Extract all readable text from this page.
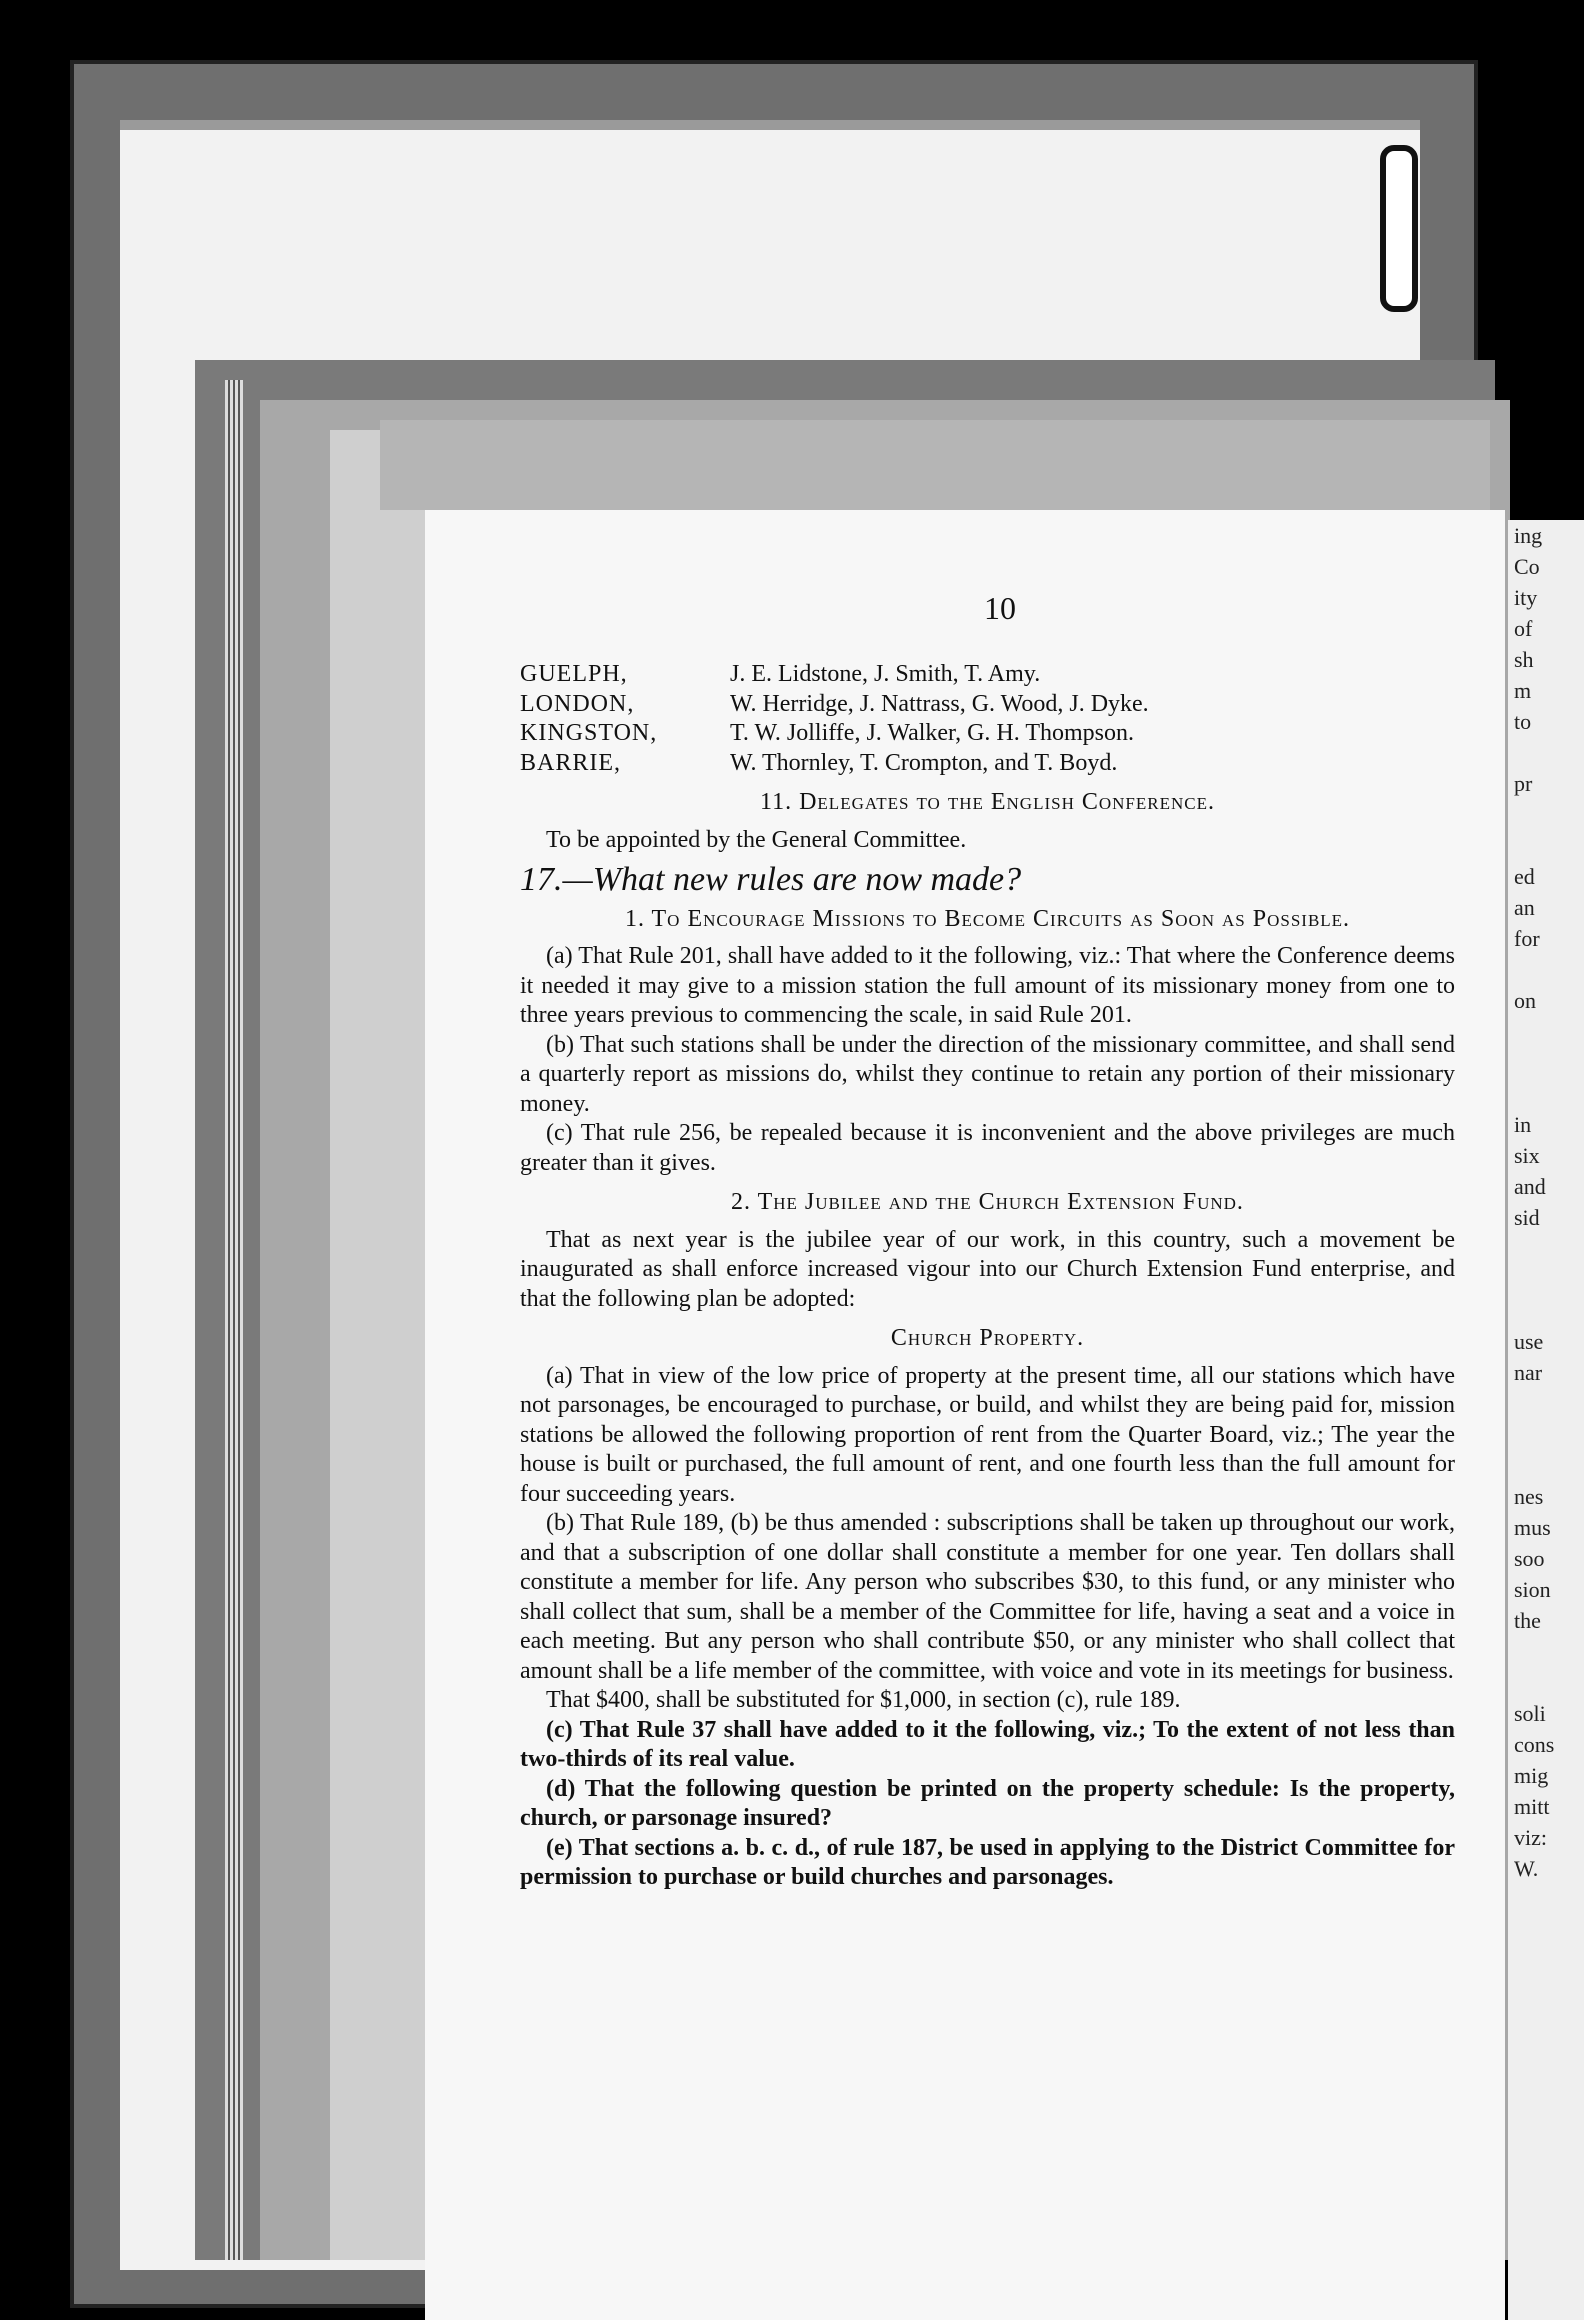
ing
Co
ity
of
sh
m
to

pr

ed
an
for

on

in
six
and
sid

use
nar

nes
mus
soo
sion
the

soli
cons
mig
mitt
viz:
W.
10
GUELPH,	J. E. Lidstone, J. Smith, T. Amy.
LONDON,	W. Herridge, J. Nattrass, G. Wood, J. Dyke.
KINGSTON,	T. W. Jolliffe, J. Walker, G. H. Thompson.
BARRIE,	W. Thornley, T. Crompton, and T. Boyd.
11. Delegates to the English Conference.

To be appointed by the General Committee.

17.—What new rules are now made?
1. To Encourage Missions to Become Circuits as Soon as Possible.

(a) That Rule 201, shall have added to it the following, viz.: That where the Conference deems it needed it may give to a mission station the full amount of its missionary money from one to three years previous to commencing the scale, in said Rule 201.

(b) That such stations shall be under the direction of the missionary committee, and shall send a quarterly report as missions do, whilst they continue to retain any portion of their missionary money.

(c) That rule 256, be repealed because it is inconvenient and the above privileges are much greater than it gives.

2. The Jubilee and the Church Extension Fund.

That as next year is the jubilee year of our work, in this country, such a movement be inaugurated as shall enforce increased vigour into our Church Extension Fund enterprise, and that the following plan be adopted:

Church Property.

(a) That in view of the low price of property at the present time, all our stations which have not parsonages, be encouraged to purchase, or build, and whilst they are being paid for, mission stations be allowed the following proportion of rent from the Quarter Board, viz.; The year the house is built or purchased, the full amount of rent, and one fourth less than the full amount for four succeeding years.

(b) That Rule 189, (b) be thus amended : subscriptions shall be taken up throughout our work, and that a subscription of one dollar shall constitute a member for one year. Ten dollars shall constitute a member for life. Any person who subscribes $30, to this fund, or any minister who shall collect that sum, shall be a member of the Committee for life, having a seat and a voice in each meeting. But any person who shall contribute $50, or any minister who shall collect that amount shall be a life member of the committee, with voice and vote in its meetings for business.

That $400, shall be substituted for $1,000, in section (c), rule 189.

(c) That Rule 37 shall have added to it the following, viz.; To the extent of not less than two-thirds of its real value.

(d) That the following question be printed on the property schedule: Is the property, church, or parsonage insured?

(e) That sections a. b. c. d., of rule 187, be used in applying to the District Committee for permission to purchase or build churches and parsonages.
